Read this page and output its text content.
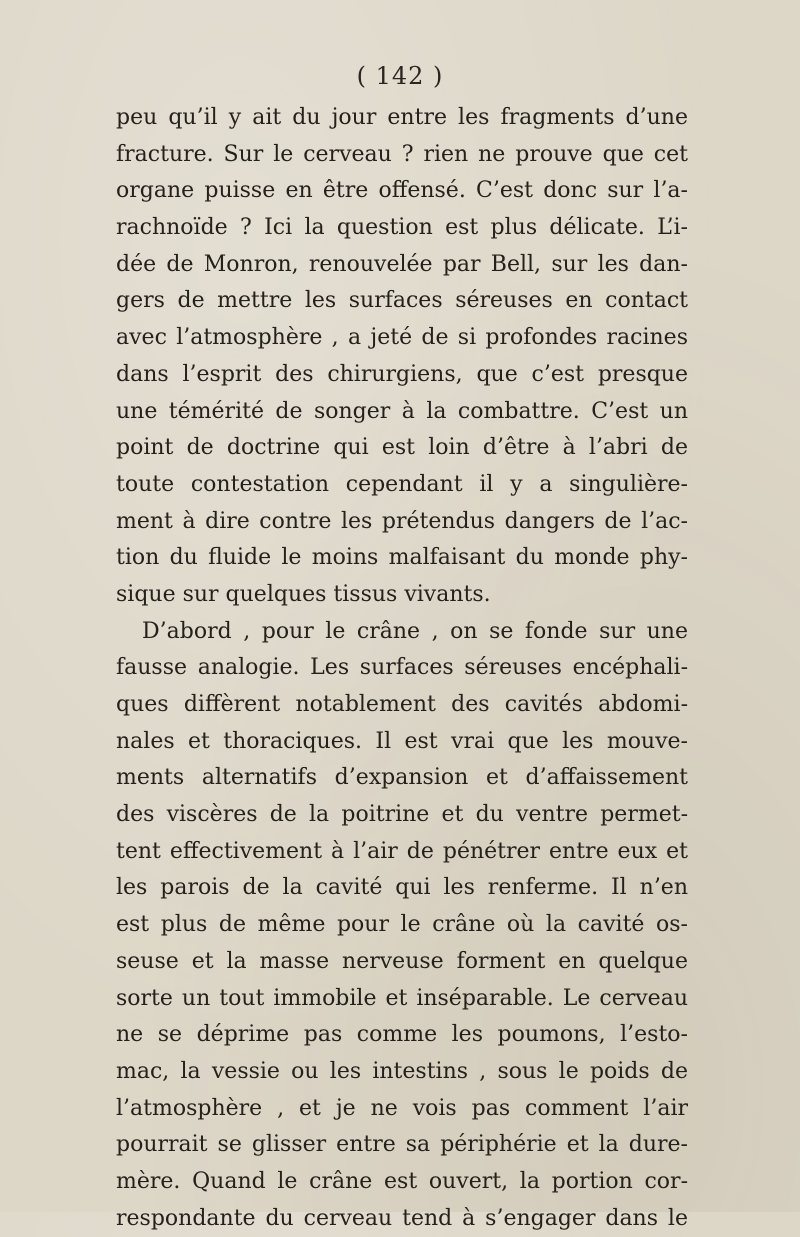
( 142 )
peu qu’il y ait du jour entre les fragments d’une
fracture. Sur le cerveau ? rien ne prouve que cet
organe puisse en être offensé. C’est donc sur l’a-
rachnoïde ? Ici la question est plus délicate. L’i-
dée de Monron, renouvelée par Bell, sur les dan-
gers de mettre les surfaces séreuses en contact
avec l’atmosphère , a jeté de si profondes racines
dans l’esprit des chirurgiens, que c’est presque
une témérité de songer à la combattre. C’est un
point de doctrine qui est loin d’être à l’abri de
toute contestation cependant il y a singulière-
ment à dire contre les prétendus dangers de l’ac-
tion du fluide le moins malfaisant du monde phy-
sique sur quelques tissus vivants.
D’abord , pour le crâne , on se fonde sur une
fausse analogie. Les surfaces séreuses encéphali-
ques diffèrent notablement des cavités abdomi-
nales et thoraciques. Il est vrai que les mouve-
ments alternatifs d’expansion et d’affaissement
des viscères de la poitrine et du ventre permet-
tent effectivement à l’air de pénétrer entre eux et
les parois de la cavité qui les renferme. Il n’en
est plus de même pour le crâne où la cavité os-
seuse et la masse nerveuse forment en quelque
sorte un tout immobile et inséparable. Le cerveau
ne se déprime pas comme les poumons, l’esto-
mac, la vessie ou les intestins , sous le poids de
l’atmosphère , et je ne vois pas comment l’air
pourrait se glisser entre sa périphérie et la dure-
mère. Quand le crâne est ouvert, la portion cor-
respondante du cerveau tend à s’engager dans le
